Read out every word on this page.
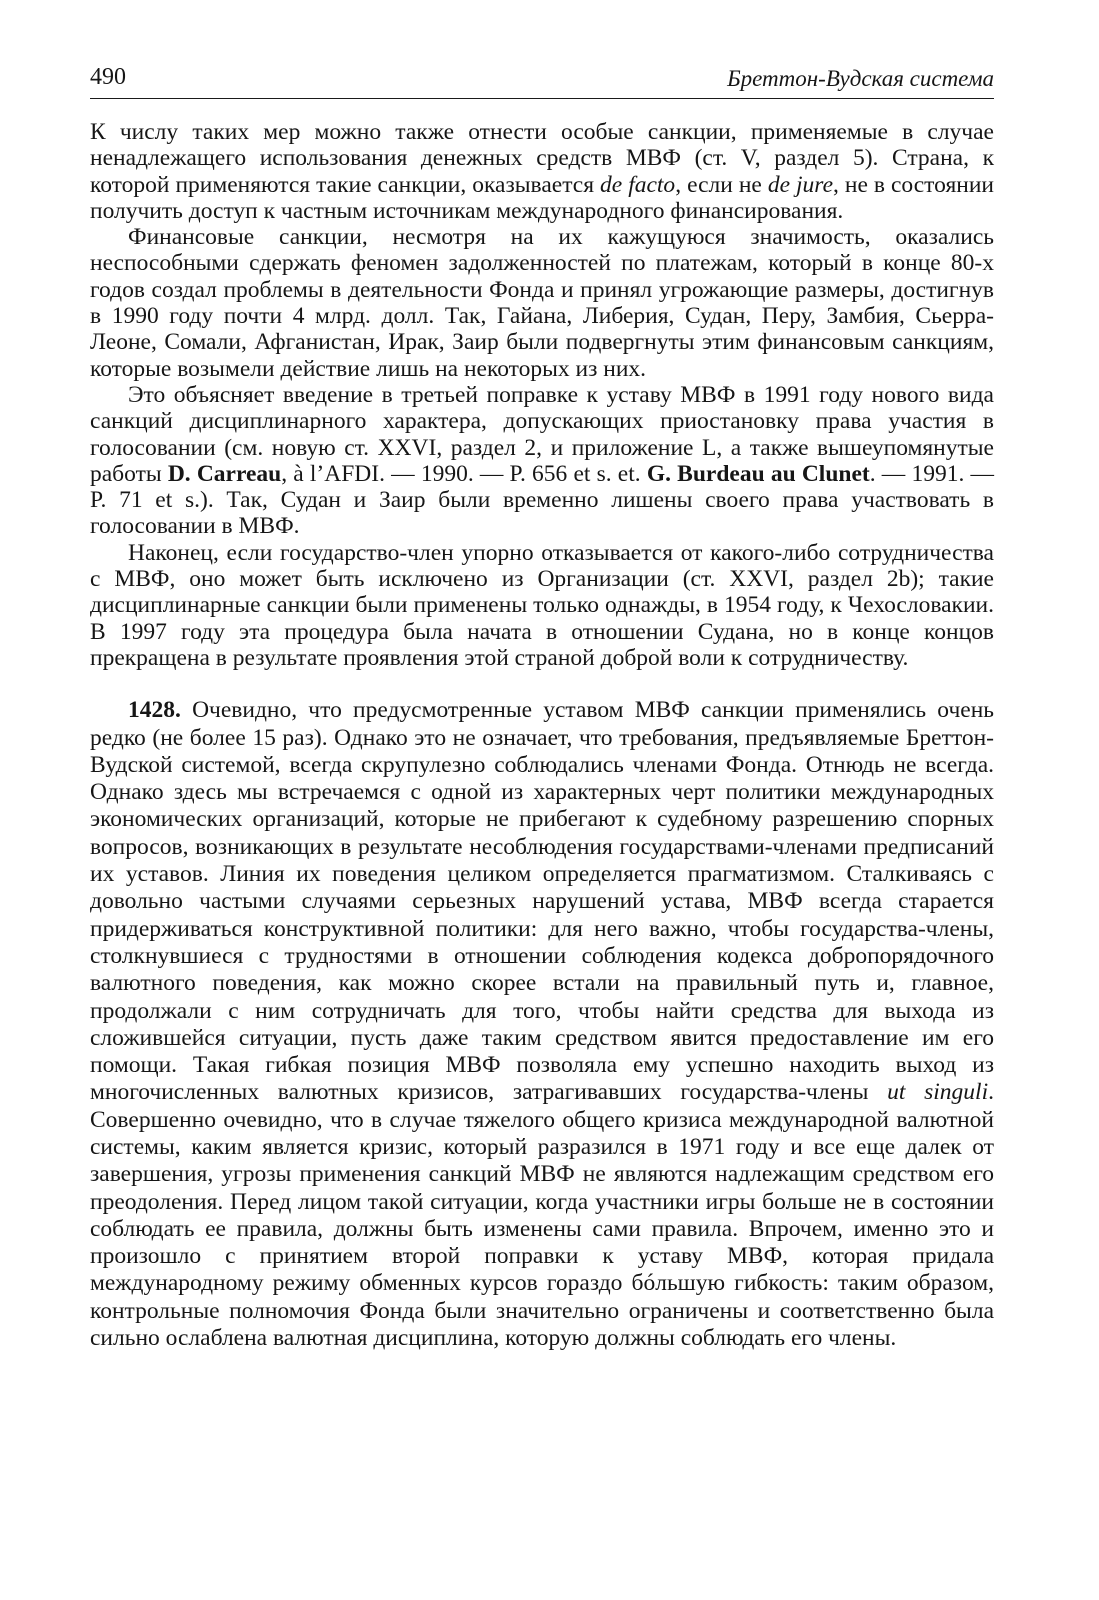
490	Бреттон-Вудская система

К числу таких мер можно также отнести особые санкции, применяемые в случае ненадлежащего использования денежных средств МВФ (ст. V, раздел 5). Страна, к которой применяются такие санкции, оказывается de facto, если не de jure, не в состоянии получить доступ к частным источникам международного финансирования.

Финансовые санкции, несмотря на их кажущуюся значимость, оказались неспособными сдержать феномен задолженностей по платежам, который в конце 80-х годов создал проблемы в деятельности Фонда и принял угрожающие размеры, достигнув в 1990 году почти 4 млрд. долл. Так, Гайана, Либерия, Судан, Перу, Замбия, Сьерра-Леоне, Сомали, Афганистан, Ирак, Заир были подвергнуты этим финансовым санкциям, которые возымели действие лишь на некоторых из них.

Это объясняет введение в третьей поправке к уставу МВФ в 1991 году нового вида санкций дисциплинарного характера, допускающих приостановку права участия в голосовании (см. новую ст. XXVI, раздел 2, и приложение L, а также вышеупомянутые работы D. Carreau, à l’AFDI. — 1990. — P. 656 et s. et. G. Burdeau au Clunet. — 1991. — P. 71 et s.). Так, Судан и Заир были временно лишены своего права участвовать в голосовании в МВФ.

Наконец, если государство-член упорно отказывается от какого-либо сотрудничества с МВФ, оно может быть исключено из Организации (ст. XXVI, раздел 2b); такие дисциплинарные санкции были применены только однажды, в 1954 году, к Чехословакии. В 1997 году эта процедура была начата в отношении Судана, но в конце концов прекращена в результате проявления этой страной доброй воли к сотрудничеству.

1428. Очевидно, что предусмотренные уставом МВФ санкции применялись очень редко (не более 15 раз). Однако это не означает, что требования, предъявляемые Бреттон-Вудской системой, всегда скрупулезно соблюдались членами Фонда. Отнюдь не всегда. Однако здесь мы встречаемся с одной из характерных черт политики международных экономических организаций, которые не прибегают к судебному разрешению спорных вопросов, возникающих в результате несоблюдения государствами-членами предписаний их уставов. Линия их поведения целиком определяется прагматизмом. Сталкиваясь с довольно частыми случаями серьезных нарушений устава, МВФ всегда старается придерживаться конструктивной политики: для него важно, чтобы государства-члены, столкнувшиеся с трудностями в отношении соблюдения кодекса добропорядочного валютного поведения, как можно скорее встали на правильный путь и, главное, продолжали с ним сотрудничать для того, чтобы найти средства для выхода из сложившейся ситуации, пусть даже таким средством явится предоставление им его помощи. Такая гибкая позиция МВФ позволяла ему успешно находить выход из многочисленных валютных кризисов, затрагивавших государства-члены ut singuli. Совершенно очевидно, что в случае тяжелого общего кризиса международной валютной системы, каким является кризис, который разразился в 1971 году и все еще далек от завершения, угрозы применения санкций МВФ не являются надлежащим средством его преодоления. Перед лицом такой ситуации, когда участники игры больше не в состоянии соблюдать ее правила, должны быть изменены сами правила. Впрочем, именно это и произошло с принятием второй поправки к уставу МВФ, которая придала международному режиму обменных курсов гораздо бóльшую гибкость: таким образом, контрольные полномочия Фонда были значительно ограничены и соответственно была сильно ослаблена валютная дисциплина, которую должны соблюдать его члены.
